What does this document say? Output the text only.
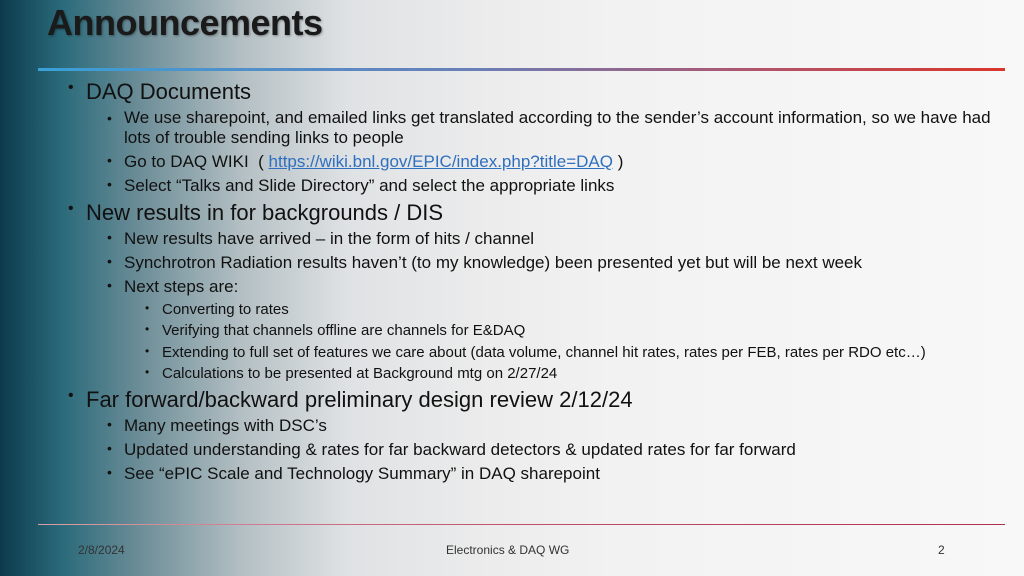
Announcements
• DAQ Documents
• We use sharepoint, and emailed links get translated according to the sender’s account information, so we have had lots of trouble sending links to people
• Go to DAQ WIKI  ( https://wiki.bnl.gov/EPIC/index.php?title=DAQ )
• Select “Talks and Slide Directory” and select the appropriate links
• New results in for backgrounds / DIS
• New results have arrived – in the form of hits / channel
• Synchrotron Radiation results haven’t (to my knowledge) been presented yet but will be next week
• Next steps are:
• Converting to rates
• Verifying that channels offline are channels for E&DAQ
• Extending to full set of features we care about (data volume, channel hit rates, rates per FEB, rates per RDO etc…)
• Calculations to be presented at Background mtg on 2/27/24
• Far forward/backward preliminary design review 2/12/24
• Many meetings with DSC’s
• Updated understanding & rates for far backward detectors & updated rates for far forward
• See “ePIC Scale and Technology Summary” in DAQ sharepoint
2/8/2024	Electronics & DAQ WG	2
